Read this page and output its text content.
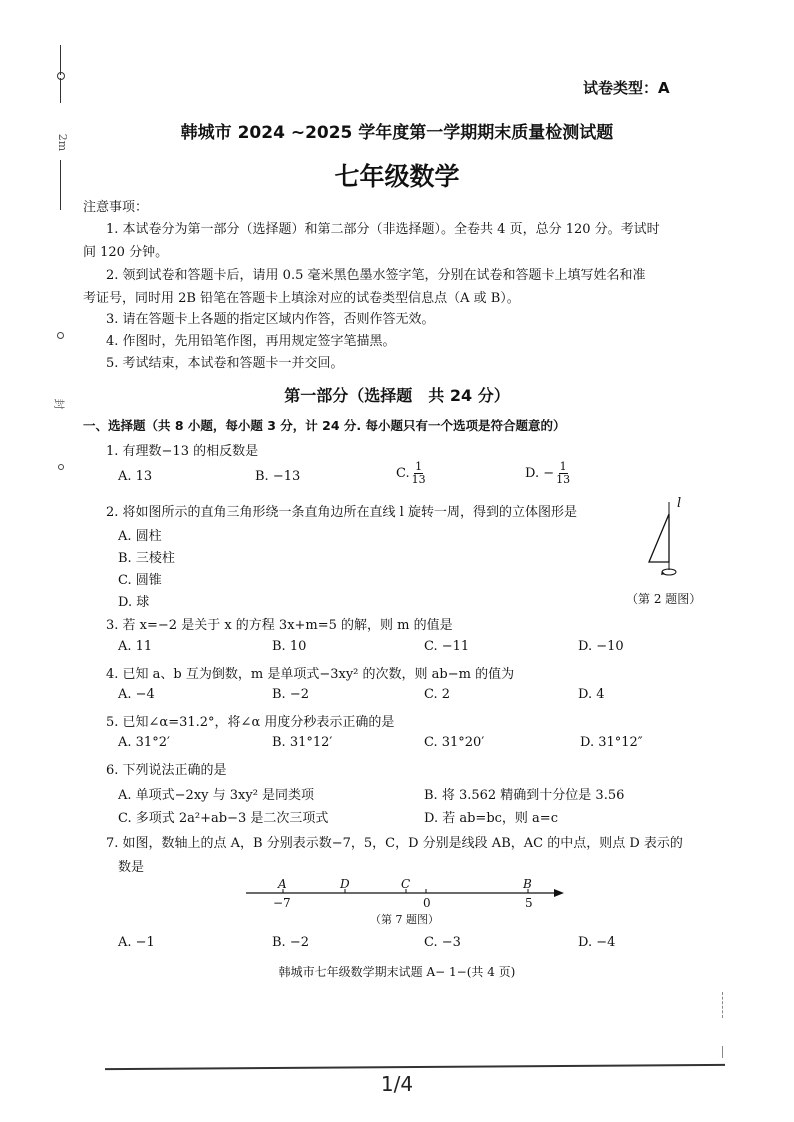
2m
封
试卷类型：A
韩城市 2024 ~2025 学年度第一学期期末质量检测试题
七年级数学
注意事项：
1. 本试卷分为第一部分（选择题）和第二部分（非选择题）。全卷共 4 页，总分 120 分。考试时
间 120 分钟。
2. 领到试卷和答题卡后，请用 0.5 毫米黑色墨水签字笔，分别在试卷和答题卡上填写姓名和准
考证号，同时用 2B 铅笔在答题卡上填涂对应的试卷类型信息点（A 或 B）。
3. 请在答题卡上各题的指定区域内作答，否则作答无效。
4. 作图时，先用铅笔作图，再用规定签字笔描黑。
5. 考试结束，本试卷和答题卡一并交回。
第一部分（选择题　共 24 分）
一、选择题（共 8 小题，每小题 3 分，计 24 分. 每小题只有一个选项是符合题意的）
1. 有理数−13 的相反数是
A. 13	B. −13	C. $\frac{1}{13}$	D. − $\frac{1}{13}$
2. 将如图所示的直角三角形绕一条直角边所在直线 l 旋转一周，得到的立体图形是
A. 圆柱
B. 三棱柱
C. 圆锥
D. 球
l
（第 2 题图）
3. 若 x=−2 是关于 x 的方程 3x+m=5 的解，则 m 的值是
A. 11	B. 10	C. −11	D. −10
4. 已知 a、b 互为倒数，m 是单项式−3xy² 的次数，则 ab−m 的值为
A. −4	B. −2	C. 2	D. 4
5. 已知∠α=31.2°，将∠α 用度分秒表示正确的是
A. 31°2′	B. 31°12′	C. 31°20′	D. 31°12″
6. 下列说法正确的是
A. 单项式−2xy 与 3xy² 是同类项	B. 将 3.562 精确到十分位是 3.56
C. 多项式 2a²+ab−3 是二次三项式	D. 若 ab=bc，则 a=c
7. 如图，数轴上的点 A，B 分别表示数−7，5，C，D 分别是线段 AB，AC 的中点，则点 D 表示的
数是
A	D	C	B
−7	0	5
（第 7 题图）
A. −1	B. −2	C. −3	D. −4
韩城市七年级数学期末试题 A− 1−(共 4 页)
1/4
